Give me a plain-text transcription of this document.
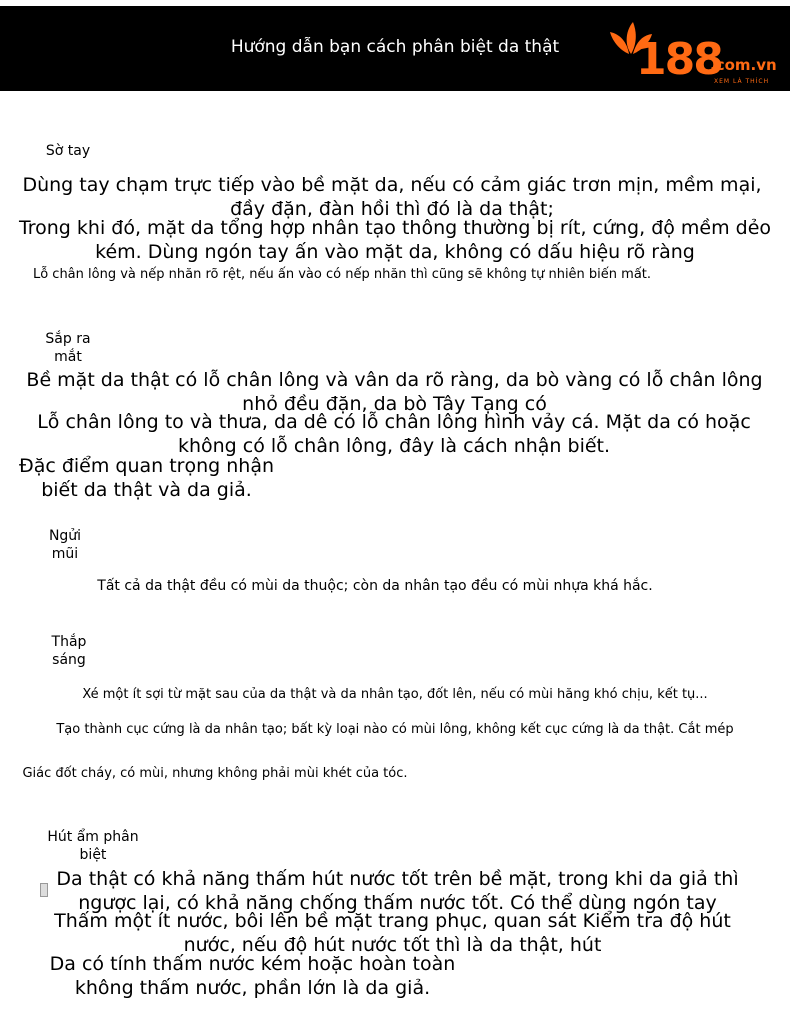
Hướng dẫn bạn cách phân biệt da thật	188
.com.vn
XEM LÀ THÍCH
Sờ tay
Dùng tay chạm trực tiếp vào bề mặt da, nếu có cảm giác trơn mịn, mềm mại, đầy đặn, đàn hồi thì đó là da thật;
Trong khi đó, mặt da tổng hợp nhân tạo thông thường bị rít, cứng, độ mềm dẻo kém. Dùng ngón tay ấn vào mặt da, không có dấu hiệu rõ ràng
Lỗ chân lông và nếp nhăn rõ rệt, nếu ấn vào có nếp nhăn thì cũng sẽ không tự nhiên biến mất.
Sắp ra mắt
Bề mặt da thật có lỗ chân lông và vân da rõ ràng, da bò vàng có lỗ chân lông nhỏ đều đặn, da bò Tây Tạng có
Lỗ chân lông to và thưa, da dê có lỗ chân lông hình vảy cá. Mặt da có hoặc không có lỗ chân lông, đây là cách nhận biết.
Đặc điểm quan trọng nhận biết da thật và da giả.
Ngửi mũi
Tất cả da thật đều có mùi da thuộc; còn da nhân tạo đều có mùi nhựa khá hắc.
Thắp sáng
Xé một ít sợi từ mặt sau của da thật và da nhân tạo, đốt lên, nếu có mùi hăng khó chịu, kết tụ...
Tạo thành cục cứng là da nhân tạo; bất kỳ loại nào có mùi lông, không kết cục cứng là da thật. Cắt mép
Giác đốt cháy, có mùi, nhưng không phải mùi khét của tóc.
Hút ẩm phân biệt
Da thật có khả năng thấm hút nước tốt trên bề mặt, trong khi da giả thì ngược lại, có khả năng chống thấm nước tốt. Có thể dùng ngón tay
Thấm một ít nước, bôi lên bề mặt trang phục, quan sát Kiểm tra độ hút nước, nếu độ hút nước tốt thì là da thật, hút
Da có tính thấm nước kém hoặc hoàn toàn không thấm nước, phần lớn là da giả.
